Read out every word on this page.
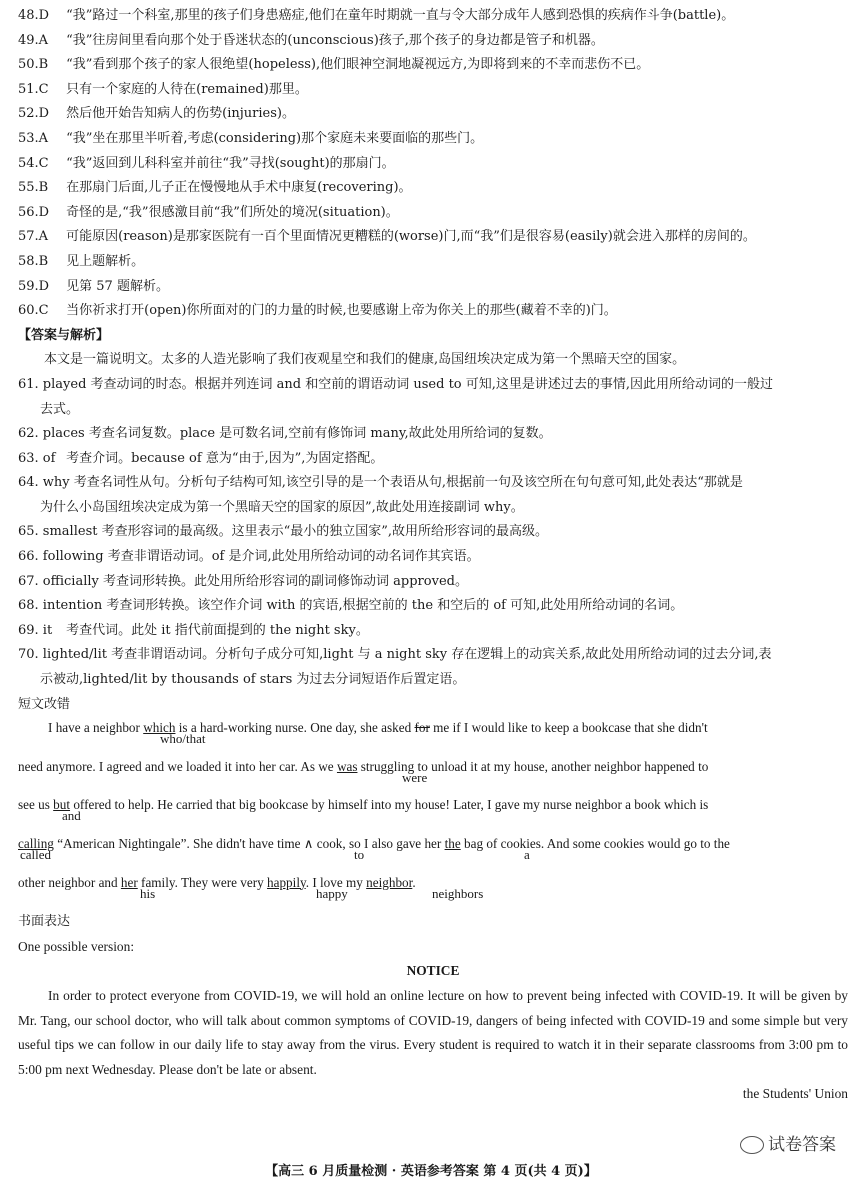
48.D “我”路过一个科室,那里的孩子们身患癌症,他们在童年时期就一直与令大部分成年人感到恐惧的疾病作斗争(battle)。
49.A “我”往房间里看向那个处于昏迷状态的(unconscious)孩子,那个孩子的身边都是管子和机器。
50.B “我”看到那个孩子的家人很绝望(hopeless),他们眼神空洞地凝视远方,为即将到来的不幸而悲伤不已。
51.C 只有一个家庭的人待在(remained)那里。
52.D 然后他开始告知病人的伤势(injuries)。
53.A “我”坐在那里半听着,考虑(considering)那个家庭未来要面临的那些门。
54.C “我”返回到儿科科室并前往“我”寻找(sought)的那扇门。
55.B 在那扇门后面,儿子正在慢慢地从手术中康复(recovering)。
56.D 奇怪的是,“我”很感激目前“我”们所处的境况(situation)。
57.A 可能原因(reason)是那家医院有一百个里面情况更糟糕的(worse)门,而“我”们是很容易(easily)就会进入那样的房间的。
58.B 见上题解析。
59.D 见第 57 题解析。
60.C 当你祈求打开(open)你所面对的门的力量的时候,也要感谢上帝为你关上的那些(藏着不幸的)门。
【答案与解析】
本文是一篇说明文。太多的人造光影响了我们夜观星空和我们的健康,岛国纽埃决定成为第一个黑暗天空的国家。
61. played 考查动词的时态。根据并列连词 and 和空前的谓语动词 used to 可知,这里是讲述过去的事情,因此用所给动词的一般过
去式。
62. places 考查名词复数。place 是可数名词,空前有修饰词 many,故此处用所给词的复数。
63. of 考查介词。because of 意为“由于,因为”,为固定搭配。
64. why 考查名词性从句。分析句子结构可知,该空引导的是一个表语从句,根据前一句及该空所在句句意可知,此处表达“那就是
为什么小岛国纽埃决定成为第一个黑暗天空的国家的原因”,故此处用连接副词 why。
65. smallest 考查形容词的最高级。这里表示“最小的独立国家”,故用所给形容词的最高级。
66. following 考查非谓语动词。of 是介词,此处用所给动词的动名词作其宾语。
67. officially 考查词形转换。此处用所给形容词的副词修饰动词 approved。
68. intention 考查词形转换。该空作介词 with 的宾语,根据空前的 the 和空后的 of 可知,此处用所给动词的名词。
69. it 考查代词。此处 it 指代前面提到的 the night sky。
70. lighted/lit 考查非谓语动词。分析句子成分可知,light 与 a night sky 存在逻辑上的动宾关系,故此处用所给动词的过去分词,表
示被动,lighted/lit by thousands of stars 为过去分词短语作后置定语。
短文改错
I have a neighbor which is a hard-working nurse. One day, she asked for me if I would like to keep a bookcase that she didn't
who/that
need anymore. I agreed and we loaded it into her car. As we was struggling to unload it at my house, another neighbor happened to
were
see us but offered to help. He carried that big bookcase by himself into my house! Later, I gave my nurse neighbor a book which is
and
calling “American Nightingale”. She didn't have time ∧ cook, so I also gave her the bag of cookies. And some cookies would go to the
called	to	a
other neighbor and her family. They were very happily. I love my neighbor.
his	happy	neighbors
书面表达
One possible version:
NOTICE
In order to protect everyone from COVID-19, we will hold an online lecture on how to prevent being infected with COVID-19. It will be given by Mr. Tang, our school doctor, who will talk about common symptoms of COVID-19, dangers of being infected with COVID-19 and some simple but very useful tips we can follow in our daily life to stay away from the virus. Every student is required to watch it in their separate classrooms from 3:00 pm to 5:00 pm next Wednesday. Please don't be late or absent.
the Students' Union
试卷答案
【高三 6 月质量检测 · 英语参考答案 第 4 页(共 4 页)】
